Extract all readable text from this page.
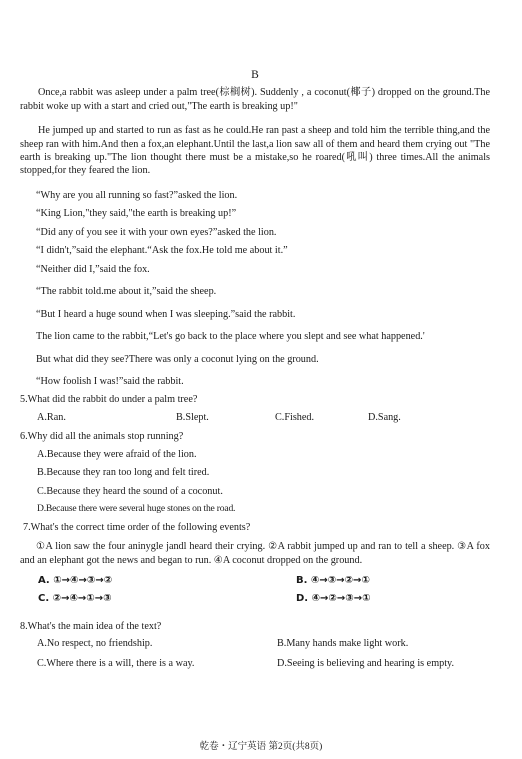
B

Once,a rabbit was asleep under a palm tree(棕榈树). Suddenly , a coconut(椰子) dropped on the ground.The rabbit woke up with a start and cried out,"The earth is breaking up!"

He jumped up and started to run as fast as he could.He ran past a sheep and told him the terrible thing,and the sheep ran with him.And then a fox,an elephant.Until the last,a lion saw all of them and heard them crying out "The earth is breaking up."The lion thought there must be a mistake,so he roared(吼叫) three times.All the animals stopped,for they feared the lion.

“Why are you all running so fast?”asked the lion.

“King Lion,"they said,"the earth is breaking up!”

“Did any of you see it with your own eyes?”asked the lion.

“I didn't,”said the elephant.“Ask the fox.He told me about it.”

“Neither did I,”said the fox.

“The rabbit told.me about it,”said the sheep.

“But I heard a huge sound when I was sleeping.”said the rabbit.

The lion came to the rabbit,“Let's go back to the place where you slept and see what happened.'

But what did they see?There was only a coconut lying on the ground.

“How foolish I was!”said the rabbit.

5.What did the rabbit do under a palm tree?

A.Ran.	B.Slept.	C.Fished.	D.Sang.

6.Why did all the animals stop running?

A.Because they were afraid of the lion.

B.Because they ran too long and felt tired.

C.Because they heard the sound of a coconut.

D.Because there were several huge stones on the road.

7.What's the correct time order of the following events?

①A lion saw the four aninygle jandl heard their crying. ②A rabbit jumped up and ran to tell a sheep. ③A fox and an elephant got the news and began to run. ④A coconut dropped on the ground.

A. ①→④→③→②	B. ④→③→②→①
C. ②→④→①→③	D. ④→②→③→①

8.What's the main idea of the text?

A.No respect, no friendship.	B.Many hands make light work.
C.Where there is a will, there is a way.	D.Seeing is believing and hearing is empty.
乾卷・辽宁英语 第2页(共8页)
